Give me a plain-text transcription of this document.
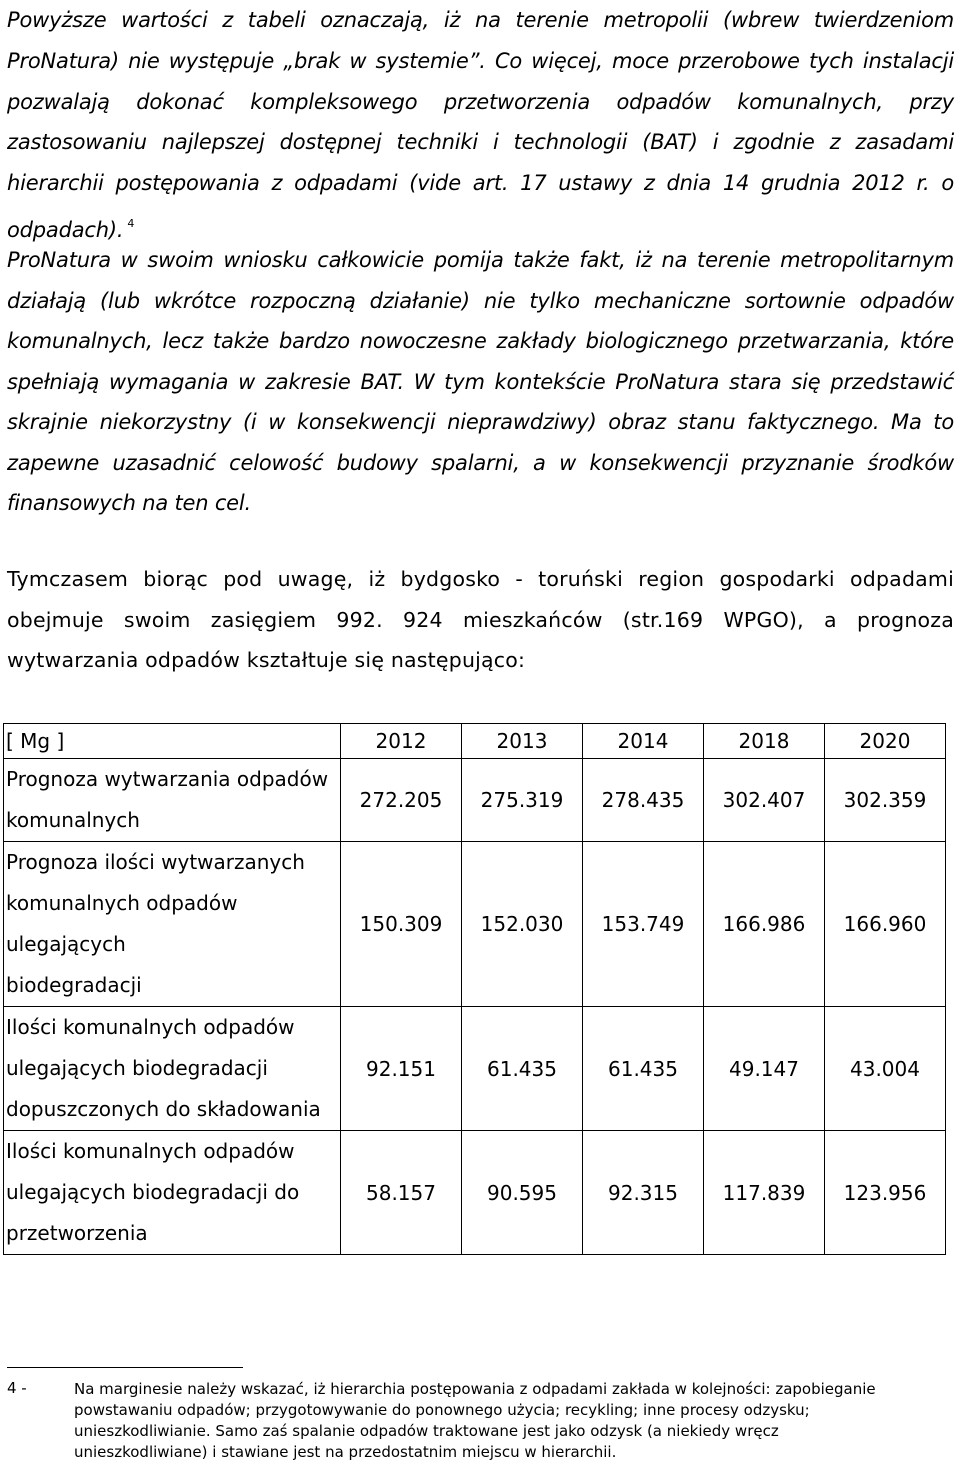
Powyższe wartości z tabeli oznaczają, iż na terenie metropolii (wbrew twierdzeniom ProNatura) nie występuje „brak w systemie”. Co więcej, moce przerobowe tych instalacji pozwalają dokonać kompleksowego przetworzenia odpadów komunalnych, przy zastosowaniu najlepszej dostępnej techniki i technologii (BAT) i zgodnie z zasadami hierarchii postępowania z odpadami (vide art. 17 ustawy z dnia 14 grudnia 2012 r. o odpadach). $^4$

ProNatura w swoim wniosku całkowicie pomija także fakt, iż na terenie metropolitarnym działają (lub wkrótce rozpoczną działanie) nie tylko mechaniczne sortownie odpadów komunalnych, lecz także bardzo nowoczesne zakłady biologicznego przetwarzania, które spełniają wymagania w zakresie BAT. W tym kontekście ProNatura stara się przedstawić skrajnie niekorzystny (i w konsekwencji nieprawdziwy) obraz stanu faktycznego. Ma to zapewne uzasadnić celowość budowy spalarni, a w konsekwencji przyznanie środków finansowych na ten cel.

Tymczasem biorąc pod uwagę, iż bydgosko - toruński region gospodarki odpadami obejmuje swoim zasięgiem 992. 924 mieszkańców (str.169 WPGO), a prognoza wytwarzania odpadów kształtuje się następująco:

[ Mg ]	2012	2013	2014	2018	2020
Prognoza wytwarzania odpadów
komunalnych	272.205	275.319	278.435	302.407	302.359
Prognoza ilości wytwarzanych
komunalnych odpadów
ulegających
biodegradacji	150.309	152.030	153.749	166.986	166.960
Ilości komunalnych odpadów
ulegających biodegradacji
dopuszczonych do składowania	92.151	61.435	61.435	49.147	43.004
Ilości komunalnych odpadów
ulegających biodegradacji do
przetworzenia	58.157	90.595	92.315	117.839	123.956
4 -	Na marginesie należy wskazać, iż hierarchia postępowania z odpadami zakłada w kolejności: zapobieganie powstawaniu odpadów; przygotowywanie do ponownego użycia; recykling; inne procesy odzysku; unieszkodliwianie. Samo zaś spalanie odpadów traktowane jest jako odzysk (a niekiedy wręcz unieszkodliwiane) i stawiane jest na przedostatnim miejscu w hierarchii.
